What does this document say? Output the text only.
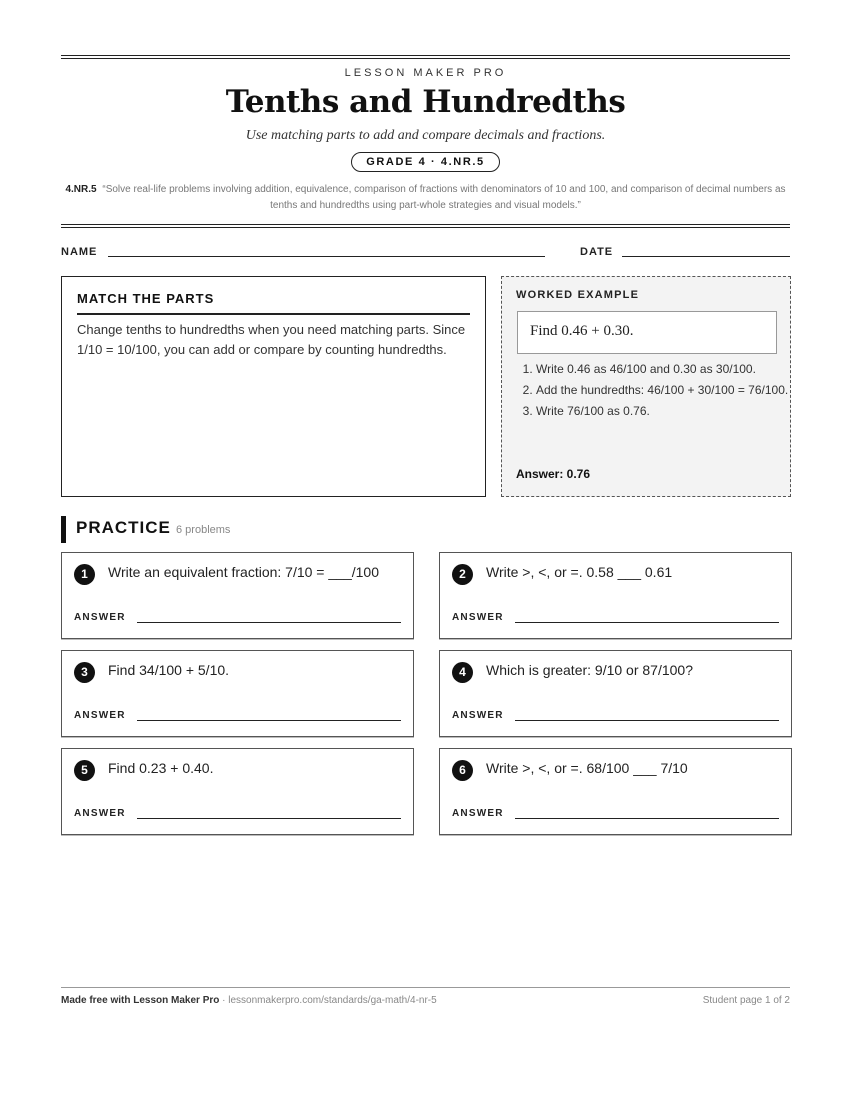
LESSON MAKER PRO
Tenths and Hundredths
Use matching parts to add and compare decimals and fractions.
GRADE 4 · 4.NR.5
4.NR.5 “Solve real-life problems involving addition, equivalence, comparison of fractions with denominators of 10 and 100, and comparison of decimal numbers as tenths and hundredths using part-whole strategies and visual models.”
NAME	DATE
MATCH THE PARTS
Change tenths to hundredths when you need matching parts. Since 1/10 = 10/100, you can add or compare by counting hundredths.
WORKED EXAMPLE
Find 0.46 + 0.30.
1. Write 0.46 as 46/100 and 0.30 as 30/100.
2. Add the hundredths: 46/100 + 30/100 = 76/100.
3. Write 76/100 as 0.76.
Answer: 0.76
PRACTICE 6 problems
1	Write an equivalent fraction: 7/10 = ___/100
ANSWER
2	Write >, <, or =. 0.58 ___ 0.61
ANSWER
3	Find 34/100 + 5/10.
ANSWER
4	Which is greater: 9/10 or 87/100?
ANSWER
5	Find 0.23 + 0.40.
ANSWER
6	Write >, <, or =. 68/100 ___ 7/10
ANSWER
Made free with Lesson Maker Pro · lessonmakerpro.com/standards/ga-math/4-nr-5	Student page 1 of 2
